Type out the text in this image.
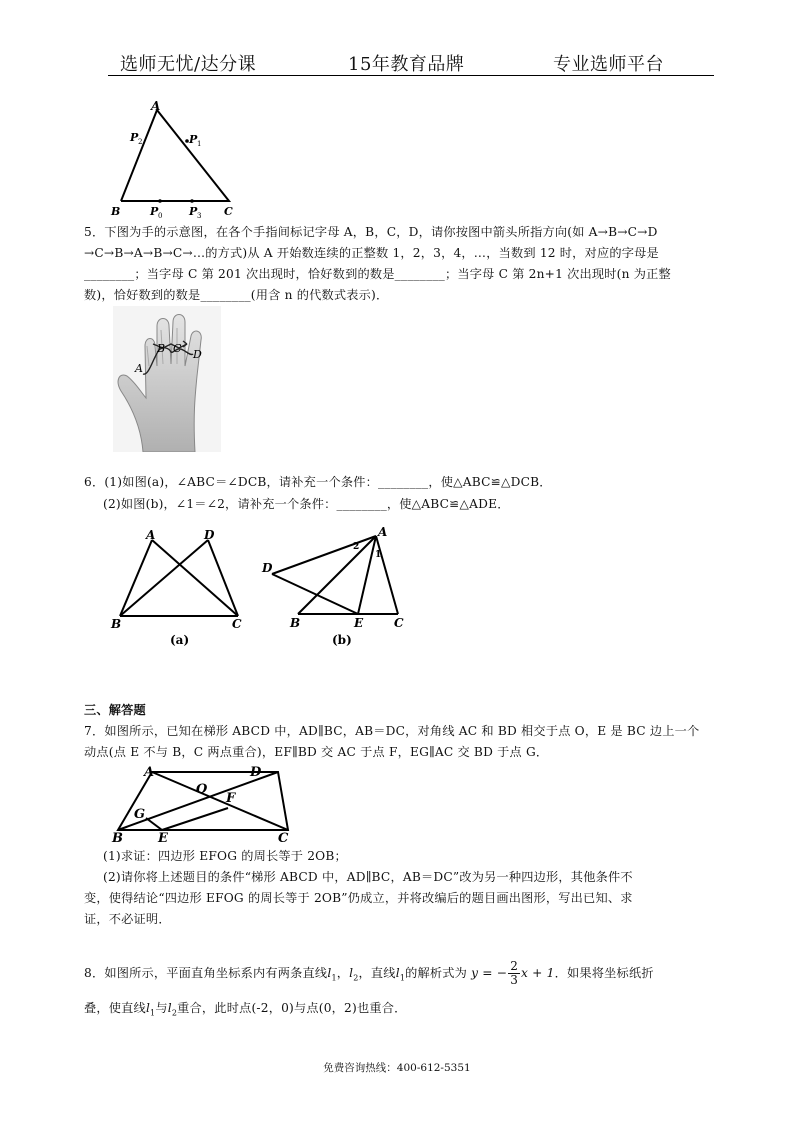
选师无忧/达分课	15年教育品牌	专业选师平台
A
P 2	P 1
B	P 0 P 3 C
5．下图为手的示意图，在各个手指间标记字母 A，B，C，D，请你按图中箭头所指方向(如 A→B→C→D
→C→B→A→B→C→…的方式)从 A 开始数连续的正整数 1，2，3，4，…，当数到 12 时，对应的字母是
________；当字母 C 第 201 次出现时，恰好数到的数是________；当字母 C 第 2n+1 次出现时(n 为正整
数)，恰好数到的数是________(用含 n 的代数式表示)．
A
B C D
6．(1)如图(a)，∠ABC＝∠DCB，请补充一个条件：________，使△ABC≌△DCB．
(2)如图(b)，∠1＝∠2，请补充一个条件：________，使△ABC≌△ADE．
A	D
B	C
(a)
A
2
1
D
B	E	C
(b)
三、解答题
7．如图所示，已知在梯形 ABCD 中，AD∥BC，AB＝DC，对角线 AC 和 BD 相交于点 O，E 是 BC 边上一个
动点(点 E 不与 B，C 两点重合)，EF∥BD 交 AC 于点 F，EG∥AC 交 BD 于点 G．
A	D
O
F
G
B	E	C
(1)求证：四边形 EFOG 的周长等于 2OB；
(2)请你将上述题目的条件“梯形 ABCD 中，AD∥BC，AB＝DC”改为另一种四边形，其他条件不
变，使得结论“四边形 EFOG 的周长等于 2OB”仍成立，并将改编后的题目画出图形，写出已知、求
证，不必证明．
8．如图所示，平面直角坐标系内有两条直线$l_1$，$l_2$，直线$l_1$的解析式为 y = − $\frac{2}{3}$ x + 1．如果将坐标纸折
叠，使直线$l_1$与$l_2$重合，此时点(-2，0)与点(0，2)也重合．
免费咨询热线：400-612-5351
